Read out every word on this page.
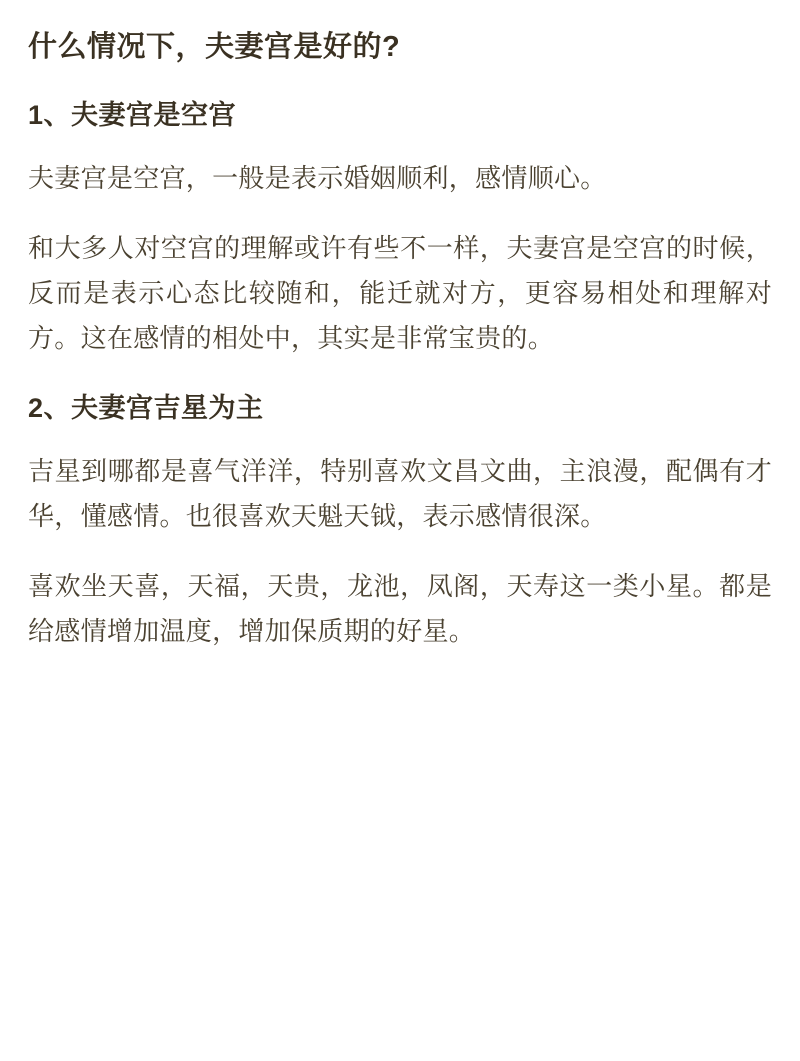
什么情况下，夫妻宫是好的?
1、夫妻宫是空宫

夫妻宫是空宫，一般是表示婚姻顺利，感情顺心。

和大多人对空宫的理解或许有些不一样，夫妻宫是空宫的时候，反而是表示心态比较随和，能迁就对方，更容易相处和理解对方。这在感情的相处中，其实是非常宝贵的。

2、夫妻宫吉星为主

吉星到哪都是喜气洋洋，特别喜欢文昌文曲，主浪漫，配偶有才华，懂感情。也很喜欢天魁天钺，表示感情很深。

喜欢坐天喜，天福，天贵，龙池，凤阁，天寿这一类小星。都是给感情增加温度，增加保质期的好星。
